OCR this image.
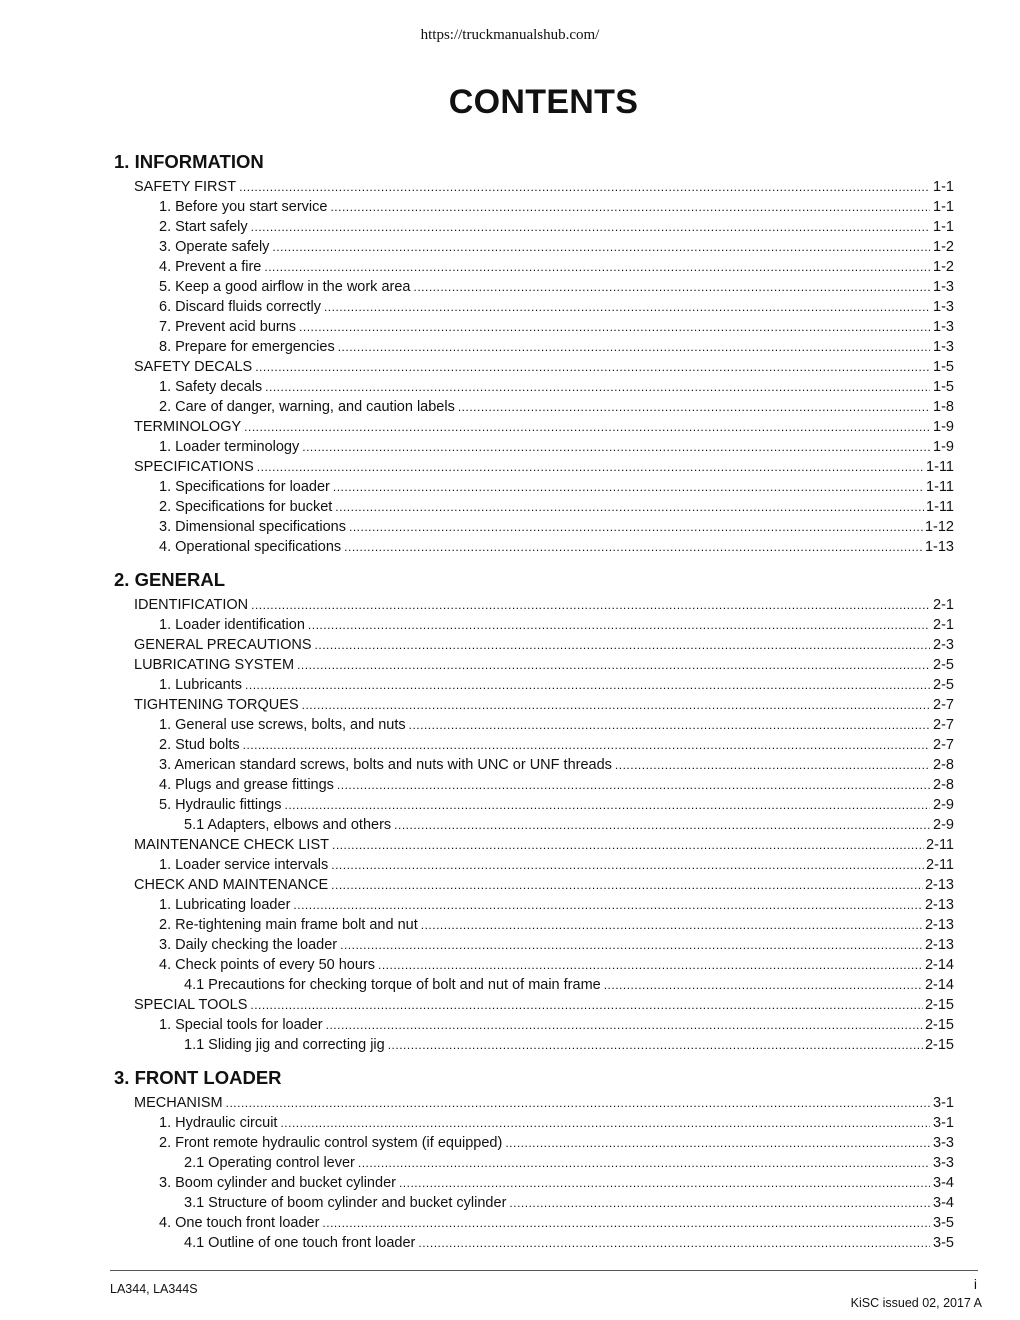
https://truckmanualshub.com/
CONTENTS
1. INFORMATION
SAFETY FIRST .....	1-1
1. Before you start service .....	1-1
2. Start safely .....	1-1
3. Operate safely .....	1-2
4. Prevent a fire .....	1-2
5. Keep a good airflow in the work area .....	1-3
6. Discard fluids correctly .....	1-3
7. Prevent acid burns .....	1-3
8. Prepare for emergencies .....	1-3
SAFETY DECALS .....	1-5
1. Safety decals .....	1-5
2. Care of danger, warning, and caution labels .....	1-8
TERMINOLOGY .....	1-9
1. Loader terminology .....	1-9
SPECIFICATIONS .....	1-11
1. Specifications for loader .....	1-11
2. Specifications for bucket .....	1-11
3. Dimensional specifications .....	1-12
4. Operational specifications .....	1-13
2. GENERAL
IDENTIFICATION .....	2-1
1. Loader identification .....	2-1
GENERAL PRECAUTIONS .....	2-3
LUBRICATING SYSTEM .....	2-5
1. Lubricants .....	2-5
TIGHTENING TORQUES .....	2-7
1. General use screws, bolts, and nuts .....	2-7
2. Stud bolts .....	2-7
3. American standard screws, bolts and nuts with UNC or UNF threads .....	2-8
4. Plugs and grease fittings .....	2-8
5. Hydraulic fittings .....	2-9
5.1 Adapters, elbows and others .....	2-9
MAINTENANCE CHECK LIST .....	2-11
1. Loader service intervals .....	2-11
CHECK AND MAINTENANCE .....	2-13
1. Lubricating loader .....	2-13
2. Re-tightening main frame bolt and nut .....	2-13
3. Daily checking the loader .....	2-13
4. Check points of every 50 hours .....	2-14
4.1 Precautions for checking torque of bolt and nut of main frame .....	2-14
SPECIAL TOOLS .....	2-15
1. Special tools for loader .....	2-15
1.1 Sliding jig and correcting jig .....	2-15
3. FRONT LOADER
MECHANISM .....	3-1
1. Hydraulic circuit .....	3-1
2. Front remote hydraulic control system (if equipped) .....	3-3
2.1 Operating control lever .....	3-3
3. Boom cylinder and bucket cylinder .....	3-4
3.1 Structure of boom cylinder and bucket cylinder .....	3-4
4. One touch front loader .....	3-5
4.1 Outline of one touch front loader .....	3-5
LA344, LA344S	i
KiSC issued 02, 2017 A
